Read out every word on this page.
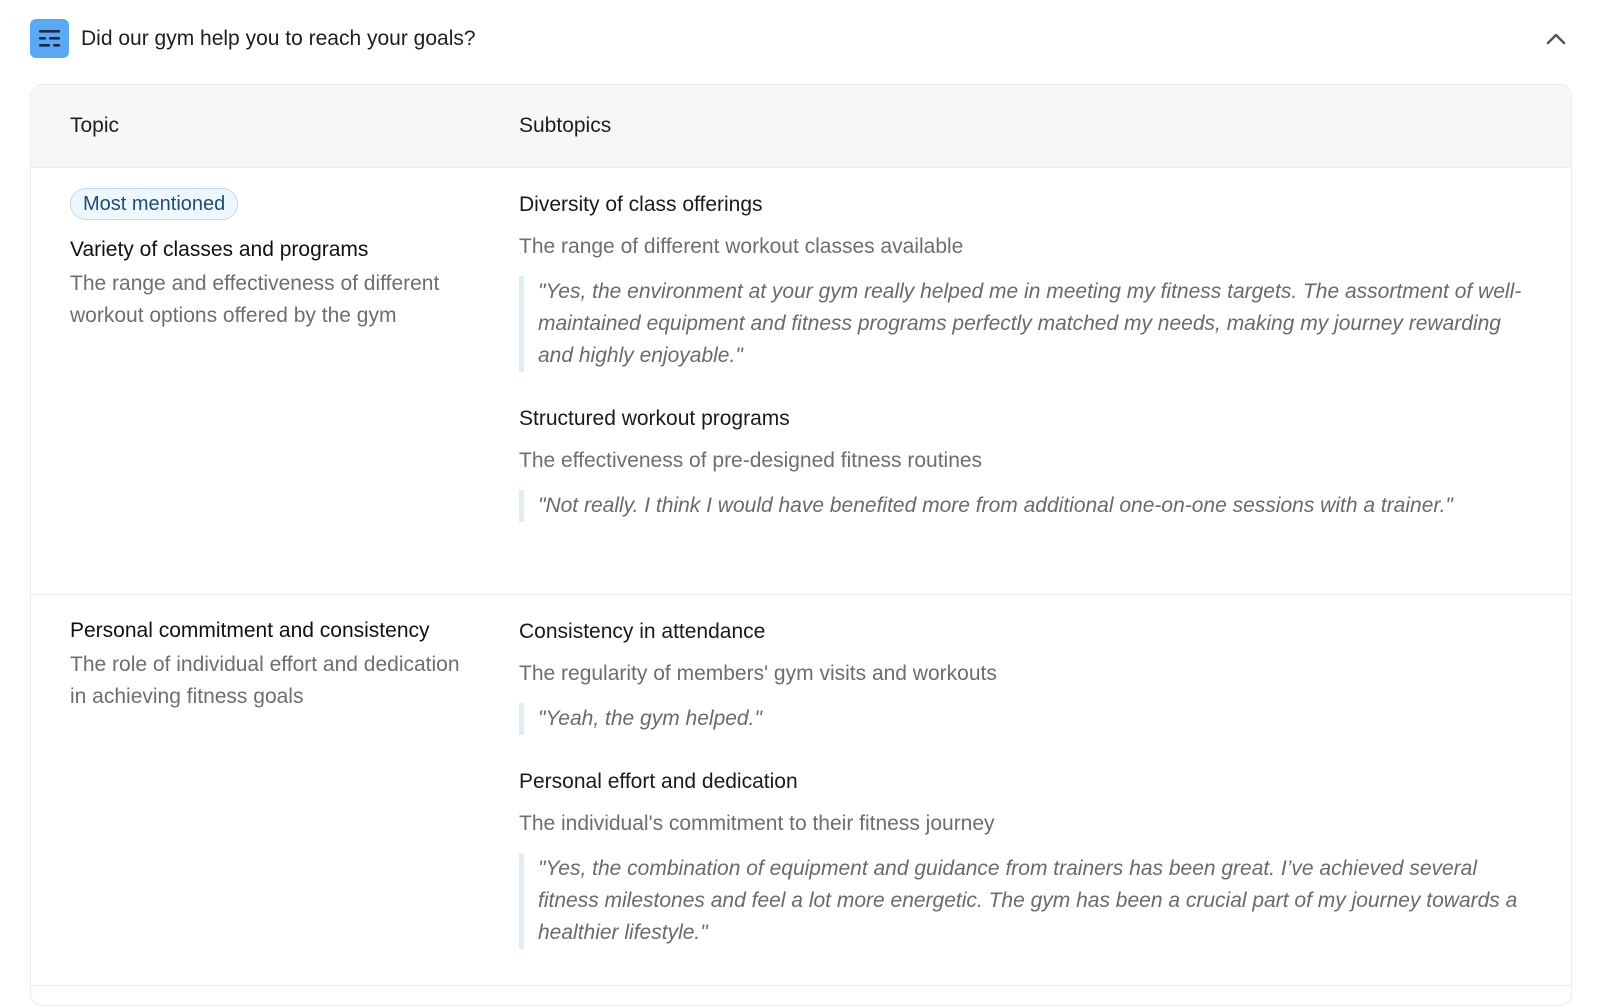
Did our gym help you to reach your goals?
Topic	Subtopics
Most mentioned

Variety of classes and programs

The range and effectiveness of different workout options offered by the gym

Diversity of class offerings

The range of different workout classes available

"Yes, the environment at your gym really helped me in meeting my fitness targets. The assortment of well-maintained equipment and fitness programs perfectly matched my needs, making my journey rewarding and highly enjoyable."

Structured workout programs

The effectiveness of pre-designed fitness routines

"Not really. I think I would have benefited more from additional one-on-one sessions with a trainer."

Personal commitment and consistency

The role of individual effort and dedication in achieving fitness goals

Consistency in attendance

The regularity of members' gym visits and workouts

"Yeah, the gym helped."

Personal effort and dedication

The individual's commitment to their fitness journey

"Yes, the combination of equipment and guidance from trainers has been great. I’ve achieved several fitness milestones and feel a lot more energetic. The gym has been a crucial part of my journey towards a healthier lifestyle."
